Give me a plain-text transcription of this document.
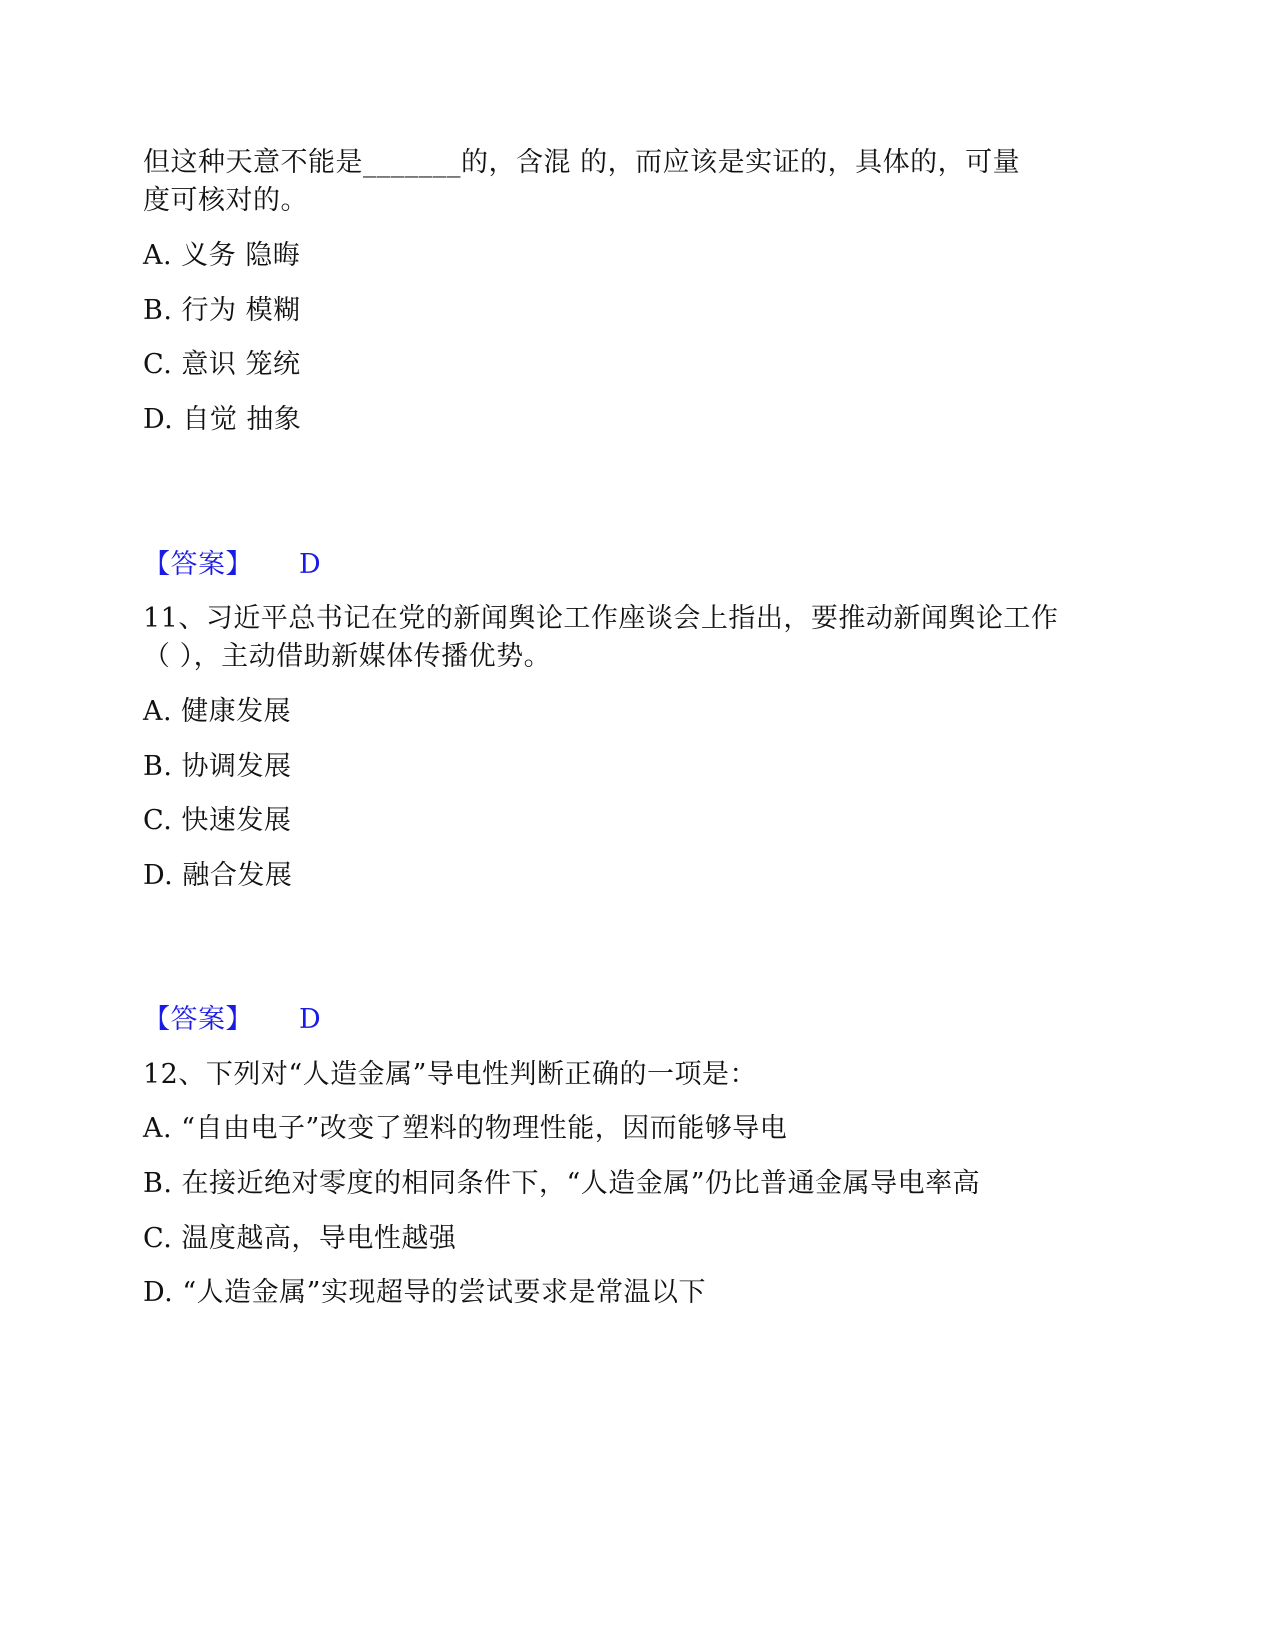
但这种天意不能是_______的，含混 的，而应该是实证的，具体的，可量
度可核对的。
A. 义务 隐晦
B. 行为 模糊
C. 意识 笼统
D. 自觉 抽象
【答案】 D
11、习近平总书记在党的新闻舆论工作座谈会上指出，要推动新闻舆论工作
（ ），主动借助新媒体传播优势。
A. 健康发展
B. 协调发展
C. 快速发展
D. 融合发展
【答案】 D
12、下列对“人造金属”导电性判断正确的一项是：
A. “自由电子”改变了塑料的物理性能，因而能够导电
B. 在接近绝对零度的相同条件下，“人造金属”仍比普通金属导电率高
C. 温度越高，导电性越强
D. “人造金属”实现超导的尝试要求是常温以下
